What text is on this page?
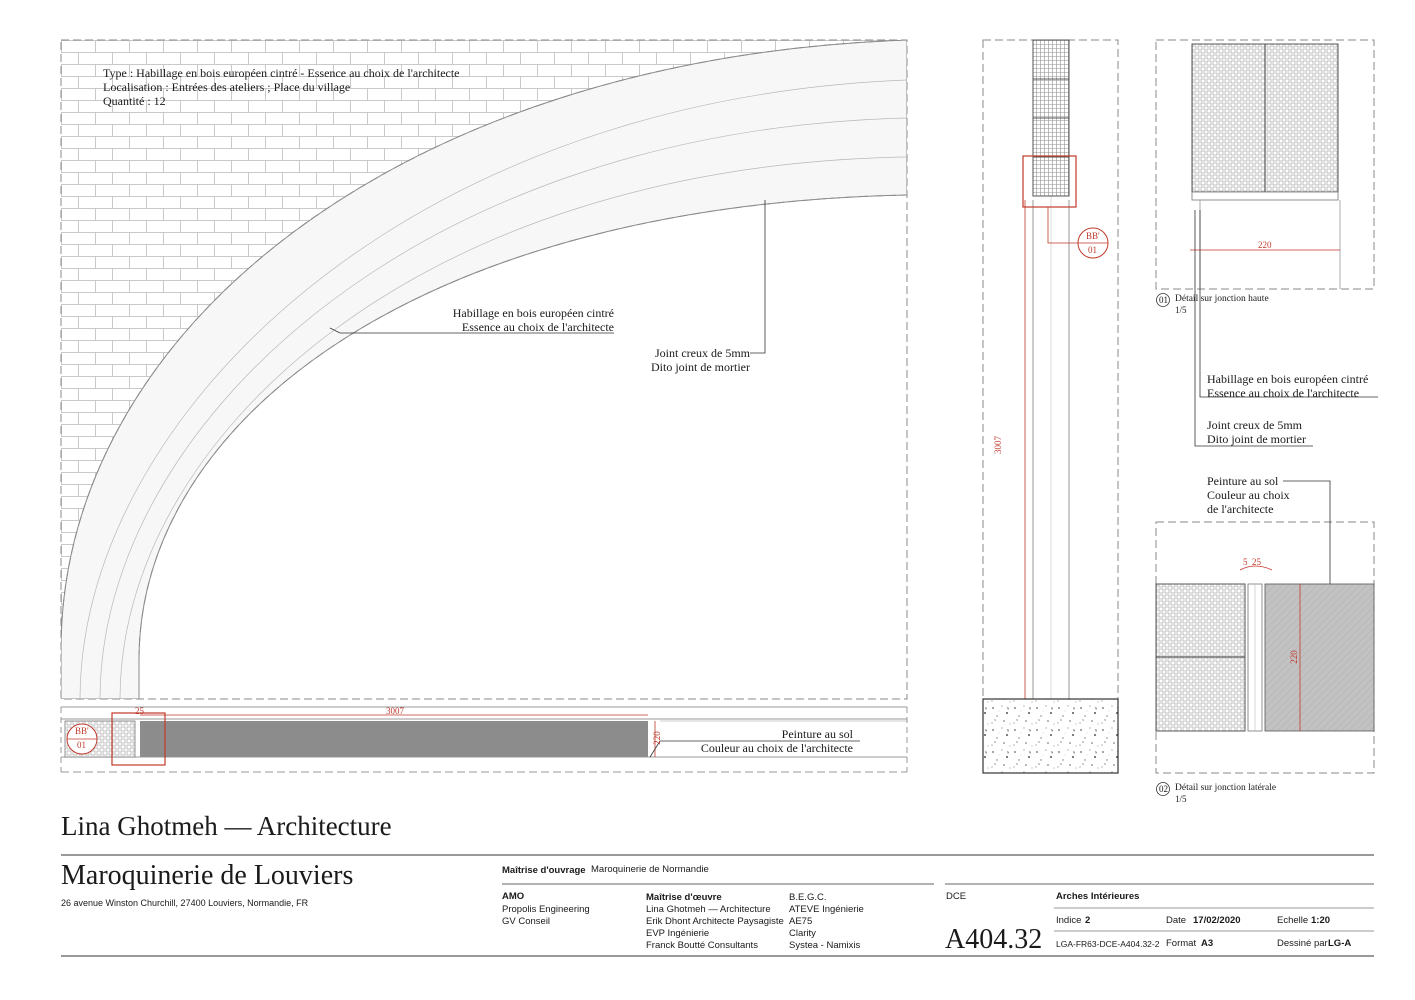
Type : Habillage en bois européen cintré - Essence au choix de l'architecte
Localisation : Entrées des ateliers ; Place du village
Quantité : 12
Habillage en bois européen cintré
Essence au choix de l'architecte
Joint creux de 5mm
Dito joint de mortier
Peinture au sol
Couleur au choix de l'architecte
3007
25
220
BB'
01
BB'
01
3007
220
01 Détail sur jonction haute
1/5
Habillage en bois européen cintré
Essence au choix de l'architecte
Joint creux de 5mm
Dito joint de mortier
Peinture au sol
Couleur au choix
de l'architecte
5 25
220
02 Détail sur jonction latérale
1/5
Lina Ghotmeh — Architecture
Maroquinerie de Louviers
26 avenue Winston Churchill, 27400 Louviers, Normandie, FR
Maîtrise d'ouvrage Maroquinerie de Normandie
AMO
Propolis Engineering
GV Conseil
Maîtrise d'œuvre
Lina Ghotmeh — Architecture
Erik Dhont Architecte Paysagiste
EVP Ingénierie
Franck Boutté Consultants
B.E.G.C.
ATEVE Ingénierie
AE75
Clarity
Systea - Namixis
DCE	Arches Intérieures
Indice 2	Date 17/02/2020	Echelle 1:20
A404.32 LGA-FR63-DCE-A404.32-2 Format A3	Dessiné par LG-A
